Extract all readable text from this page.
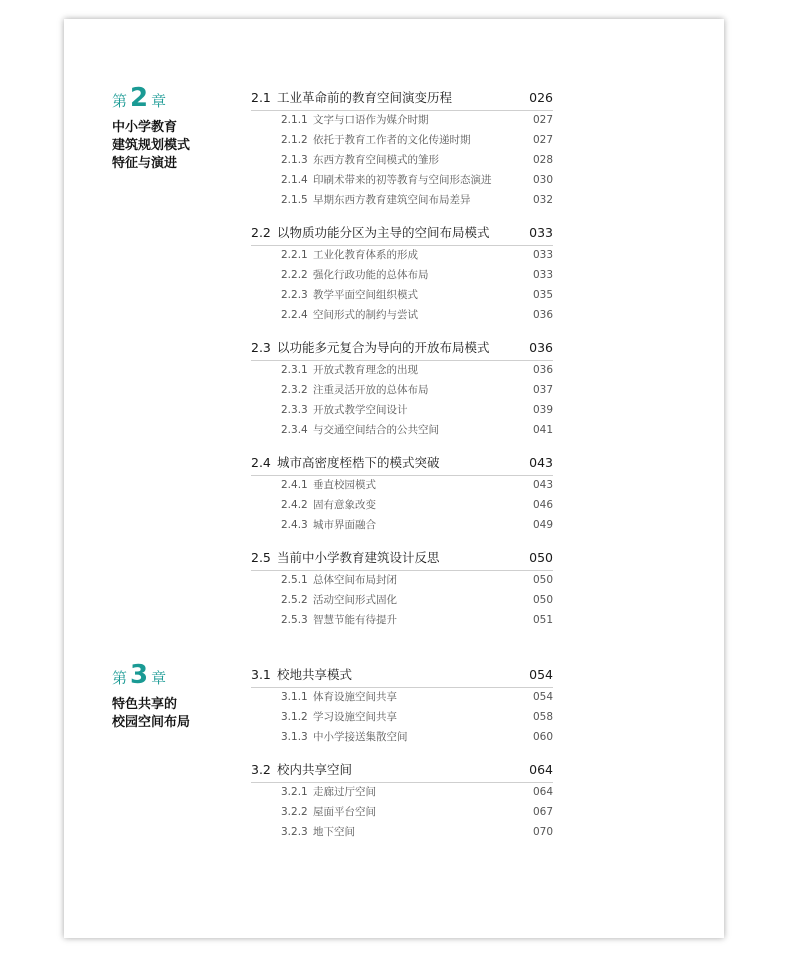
第 2 章
中小学教育
建筑规划模式
特征与演进
2.1 工业革命前的教育空间演变历程	026
2.1.1 文字与口语作为媒介时期	027
2.1.2 依托于教育工作者的文化传递时期	027
2.1.3 东西方教育空间模式的雏形	028
2.1.4 印刷术带来的初等教育与空间形态演进	030
2.1.5 早期东西方教育建筑空间布局差异	032
2.2 以物质功能分区为主导的空间布局模式	033
2.2.1 工业化教育体系的形成	033
2.2.2 强化行政功能的总体布局	033
2.2.3 教学平面空间组织模式	035
2.2.4 空间形式的制约与尝试	036
2.3 以功能多元复合为导向的开放布局模式	036
2.3.1 开放式教育理念的出现	036
2.3.2 注重灵活开放的总体布局	037
2.3.3 开放式教学空间设计	039
2.3.4 与交通空间结合的公共空间	041
2.4 城市高密度桎梏下的模式突破	043
2.4.1 垂直校园模式	043
2.4.2 固有意象改变	046
2.4.3 城市界面融合	049
2.5 当前中小学教育建筑设计反思	050
2.5.1 总体空间布局封闭	050
2.5.2 活动空间形式固化	050
2.5.3 智慧节能有待提升	051
第 3 章
特色共享的
校园空间布局
3.1 校地共享模式	054
3.1.1 体育设施空间共享	054
3.1.2 学习设施空间共享	058
3.1.3 中小学接送集散空间	060
3.2 校内共享空间	064
3.2.1 走廊过厅空间	064
3.2.2 屋面平台空间	067
3.2.3 地下空间	070
